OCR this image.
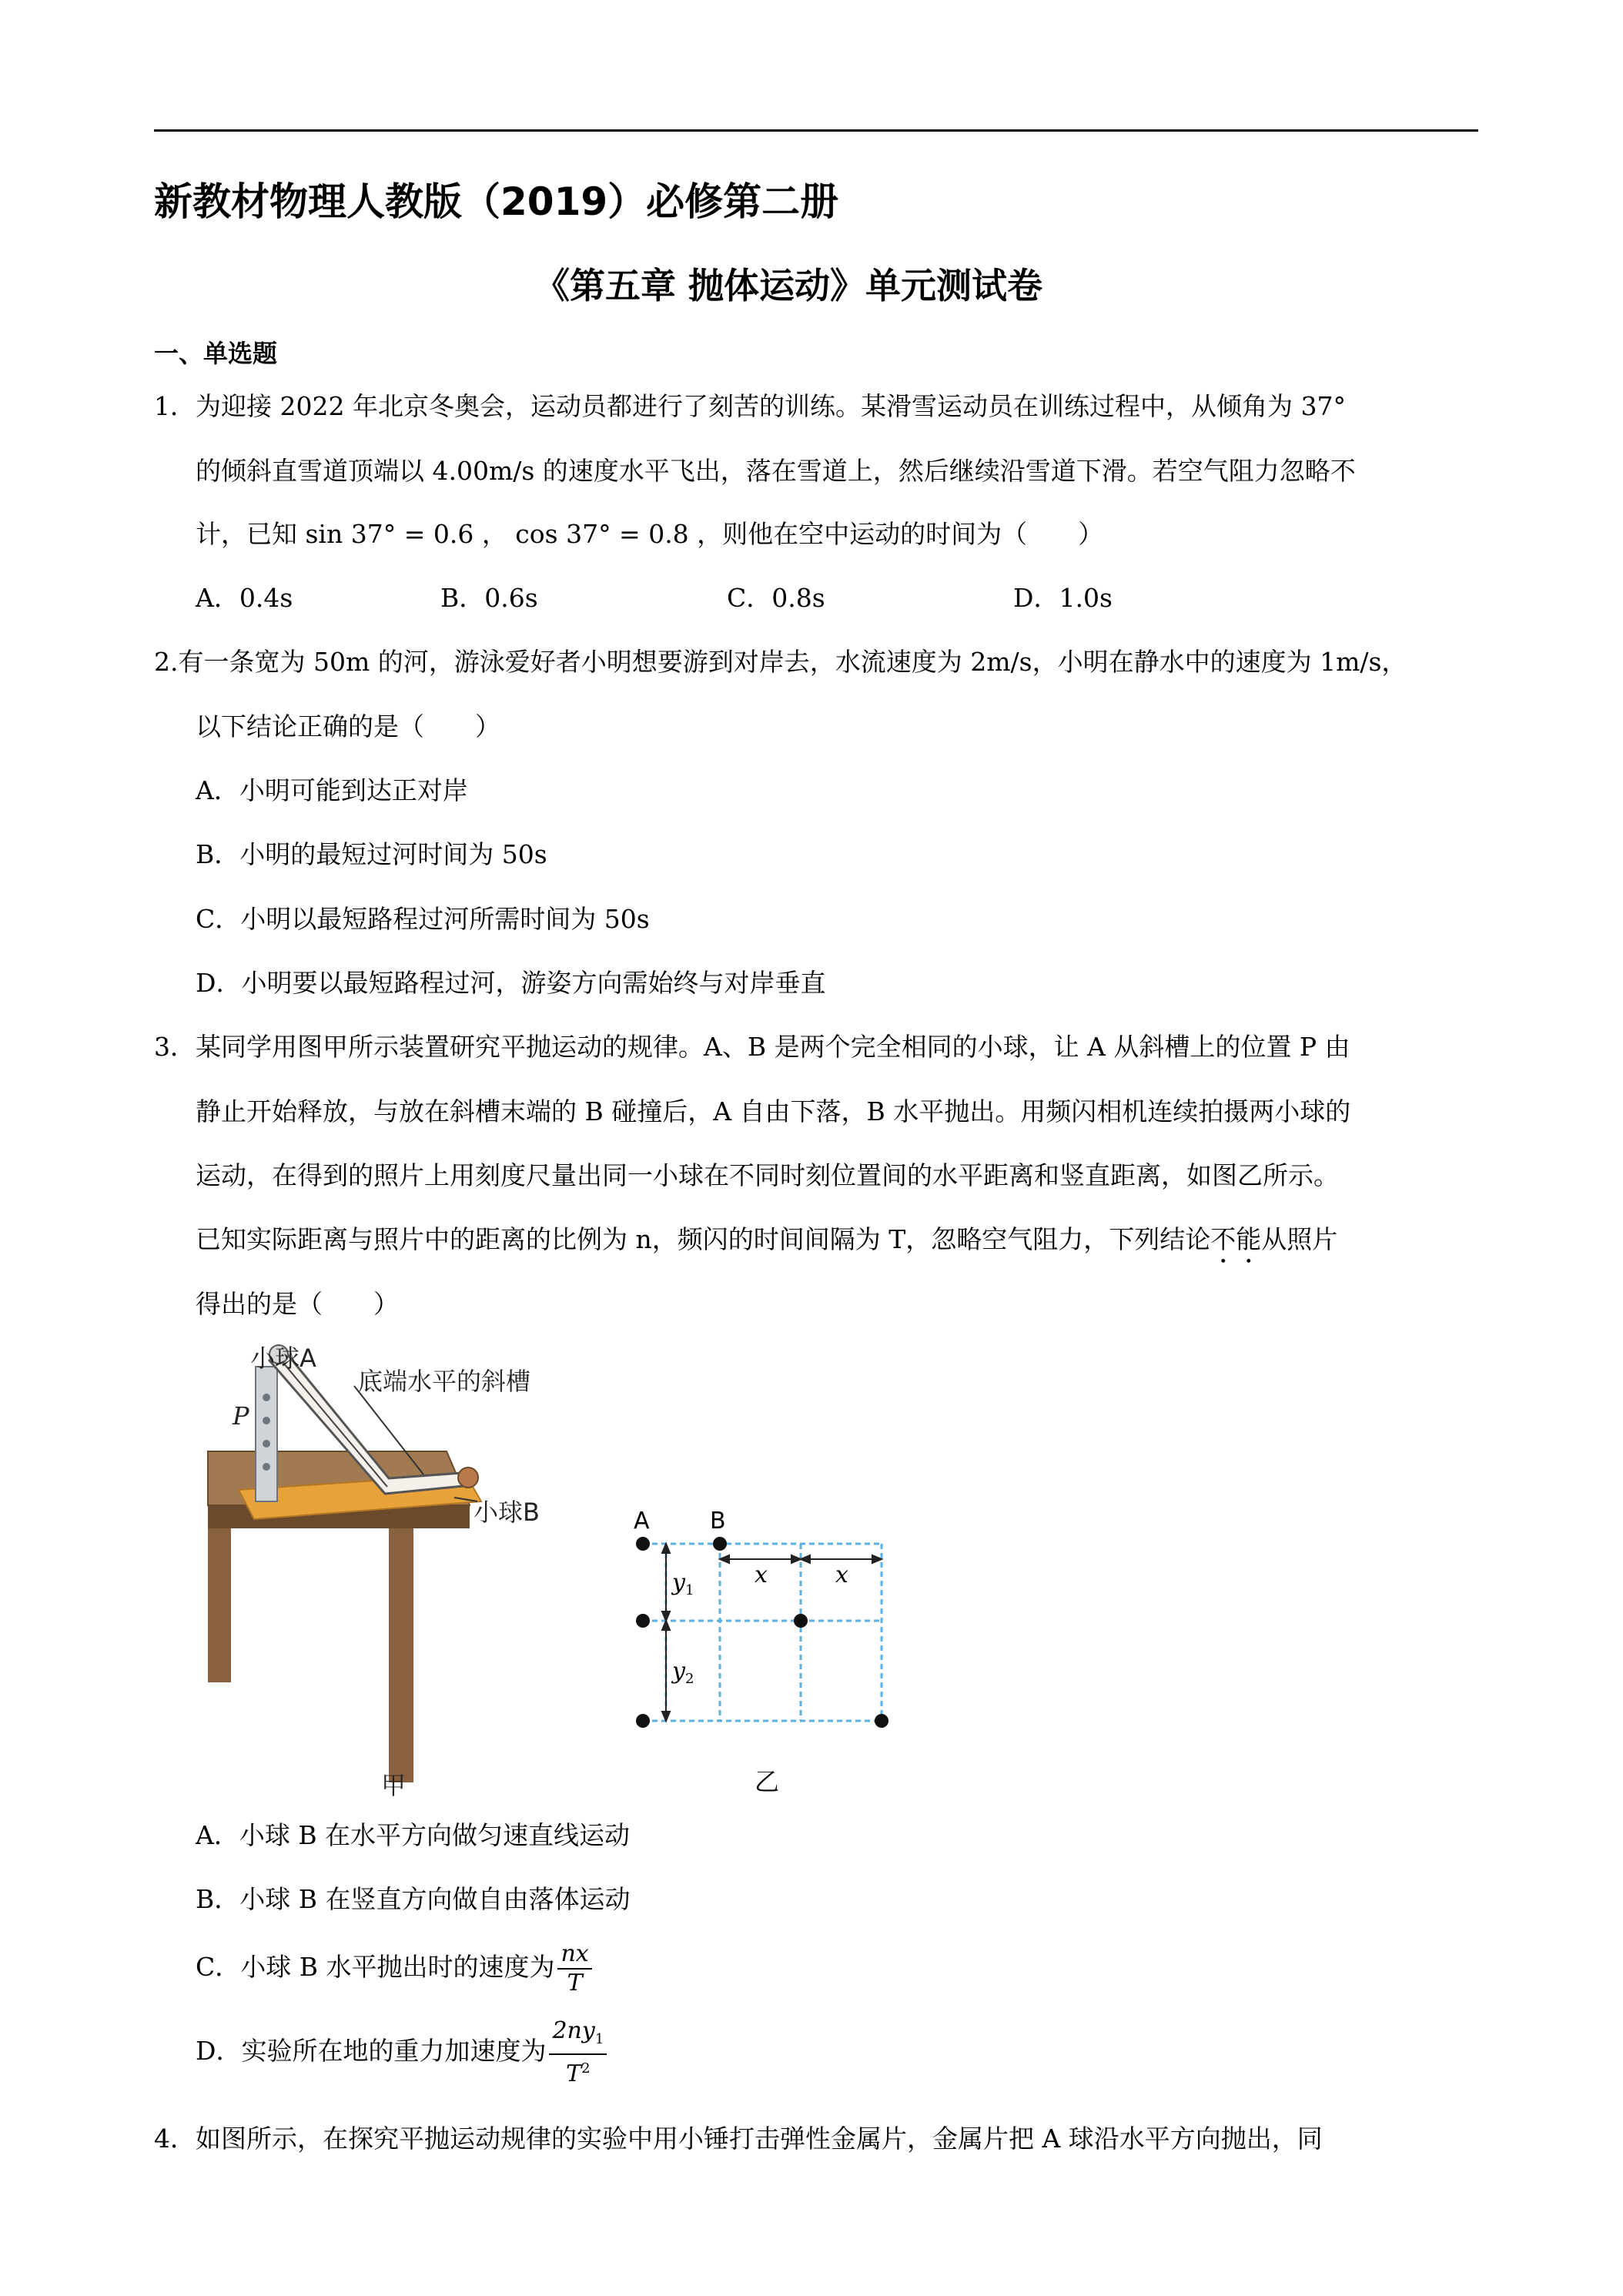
新教材物理人教版（2019）必修第二册
《第五章 抛体运动》单元测试卷
一、单选题
1．为迎接 2022 年北京冬奥会，运动员都进行了刻苦的训练。某滑雪运动员在训练过程中，从倾角为 37°
的倾斜直雪道顶端以 4.00m/s 的速度水平飞出，落在雪道上，然后继续沿雪道下滑。若空气阻力忽略不
计，已知 sin 37° = 0.6 ， cos 37° = 0.8 ，则他在空中运动的时间为（　　）
A．0.4s	B．0.6s	C．0.8s	D．1.0s
2.有一条宽为 50m 的河，游泳爱好者小明想要游到对岸去，水流速度为 2m/s，小明在静水中的速度为 1m/s，
以下结论正确的是（　　）
A．小明可能到达正对岸
B．小明的最短过河时间为 50s
C．小明以最短路程过河所需时间为 50s
D．小明要以最短路程过河，游姿方向需始终与对岸垂直
3．某同学用图甲所示装置研究平抛运动的规律。A、B 是两个完全相同的小球，让 A 从斜槽上的位置 P 由
静止开始释放，与放在斜槽末端的 B 碰撞后，A 自由下落，B 水平抛出。用频闪相机连续拍摄两小球的
运动，在得到的照片上用刻度尺量出同一小球在不同时刻位置间的水平距离和竖直距离，如图乙所示。
已知实际距离与照片中的距离的比例为 n，频闪的时间间隔为 T，忽略空气阻力，下列结论不能从照片
得出的是（　　）
小球A
P
底端水平的斜槽
小球B
甲
A	B
x	x
$y_1$
$y_2$
乙
A．小球 B 在水平方向做匀速直线运动
B．小球 B 在竖直方向做自由落体运动
C．小球 B 水平抛出时的速度为 $\frac{nx}{T}$
D．实验所在地的重力加速度为 $\frac{2ny_1}{T^2}$
4．如图所示，在探究平抛运动规律的实验中用小锤打击弹性金属片，金属片把 A 球沿水平方向抛出，同
